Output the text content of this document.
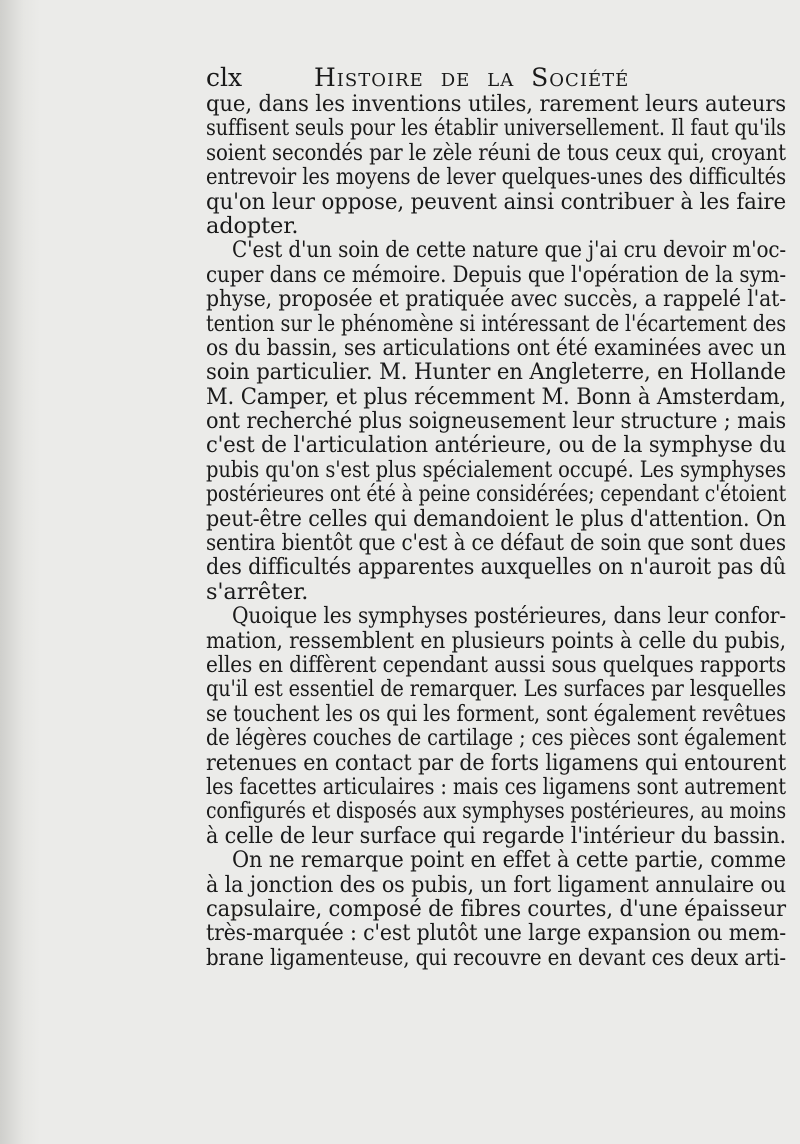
clx	Histoire de la Société
que, dans les inventions utiles, rarement leurs auteurs
suffisent seuls pour les établir universellement. Il faut qu'ils
soient secondés par le zèle réuni de tous ceux qui, croyant
entrevoir les moyens de lever quelques-unes des difficultés
qu'on leur oppose, peuvent ainsi contribuer à les faire
adopter.
C'est d'un soin de cette nature que j'ai cru devoir m'oc-
cuper dans ce mémoire. Depuis que l'opération de la sym-
physe, proposée et pratiquée avec succès, a rappelé l'at-
tention sur le phénomène si intéressant de l'écartement des
os du bassin, ses articulations ont été examinées avec un
soin particulier. M. Hunter en Angleterre, en Hollande
M. Camper, et plus récemment M. Bonn à Amsterdam,
ont recherché plus soigneusement leur structure ; mais
c'est de l'articulation antérieure, ou de la symphyse du
pubis qu'on s'est plus spécialement occupé. Les symphyses
postérieures ont été à peine considérées; cependant c'étoient
peut-être celles qui demandoient le plus d'attention. On
sentira bientôt que c'est à ce défaut de soin que sont dues
des difficultés apparentes auxquelles on n'auroit pas dû
s'arrêter.
Quoique les symphyses postérieures, dans leur confor-
mation, ressemblent en plusieurs points à celle du pubis,
elles en diffèrent cependant aussi sous quelques rapports
qu'il est essentiel de remarquer. Les surfaces par lesquelles
se touchent les os qui les forment, sont également revêtues
de légères couches de cartilage ; ces pièces sont également
retenues en contact par de forts ligamens qui entourent
les facettes articulaires : mais ces ligamens sont autrement
configurés et disposés aux symphyses postérieures, au moins
à celle de leur surface qui regarde l'intérieur du bassin.
On ne remarque point en effet à cette partie, comme
à la jonction des os pubis, un fort ligament annulaire ou
capsulaire, composé de fibres courtes, d'une épaisseur
très-marquée : c'est plutôt une large expansion ou mem-
brane ligamenteuse, qui recouvre en devant ces deux arti-
